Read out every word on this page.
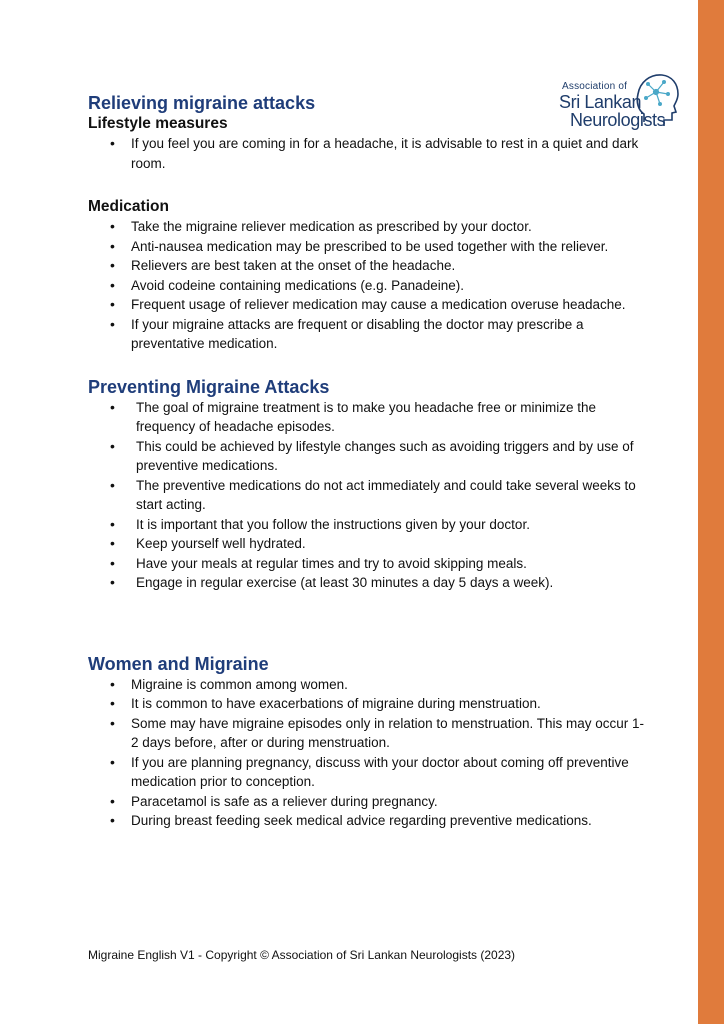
Association of
Sri Lankan
Neurologists
Relieving migraine attacks
Lifestyle measures
• If you feel you are coming in for a headache, it is advisable to rest in a quiet and dark room.
Medication
• Take the migraine reliever medication as prescribed by your doctor.
• Anti-nausea medication may be prescribed to be used together with the reliever.
• Relievers are best taken at the onset of the headache.
• Avoid codeine containing medications (e.g. Panadeine).
• Frequent usage of reliever medication may cause a medication overuse headache.
• If your migraine attacks are frequent or disabling the doctor may prescribe a preventative medication.
Preventing Migraine Attacks
• The goal of migraine treatment is to make you headache free or minimize the frequency of headache episodes.
• This could be achieved by lifestyle changes such as avoiding triggers and by use of preventive medications.
• The preventive medications do not act immediately and could take several weeks to start acting.
• It is important that you follow the instructions given by your doctor.
• Keep yourself well hydrated.
• Have your meals at regular times and try to avoid skipping meals.
• Engage in regular exercise (at least 30 minutes a day 5 days a week).
Women and Migraine
• Migraine is common among women.
• It is common to have exacerbations of migraine during menstruation.
• Some may have migraine episodes only in relation to menstruation. This may occur 1-2 days before, after or during menstruation.
• If you are planning pregnancy, discuss with your doctor about coming off preventive medication prior to conception.
• Paracetamol is safe as a reliever during pregnancy.
• During breast feeding seek medical advice regarding preventive medications.
Migraine English V1 - Copyright © Association of Sri Lankan Neurologists (2023)
